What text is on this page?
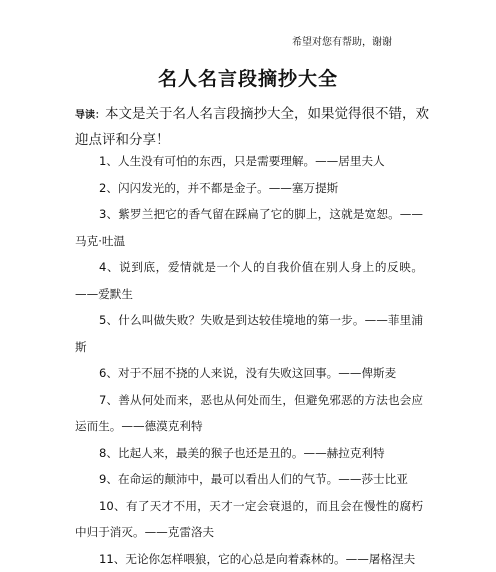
希望对您有帮助，谢谢
名人名言段摘抄大全
导读：本文是关于名人名言段摘抄大全，如果觉得很不错，欢迎点评和分享！
1、人生没有可怕的东西，只是需要理解。——居里夫人
2、闪闪发光的，并不都是金子。——塞万提斯
3、紫罗兰把它的香气留在踩扁了它的脚上，这就是宽恕。——马克·吐温
4、说到底，爱情就是一个人的自我价值在别人身上的反映。——爱默生
5、什么叫做失败？失败是到达较佳境地的第一步。——菲里浦斯
6、对于不屈不挠的人来说，没有失败这回事。——俾斯麦
7、善从何处而来，恶也从何处而生，但避免邪恶的方法也会应运而生。——德漠克利特
8、比起人来，最美的猴子也还是丑的。——赫拉克利特
9、在命运的颠沛中，最可以看出人们的气节。——莎士比亚
10、有了天才不用，天才一定会衰退的，而且会在慢性的腐朽中归于消灭。——克雷洛夫
11、无论你怎样喂狼，它的心总是向着森林的。——屠格涅夫
